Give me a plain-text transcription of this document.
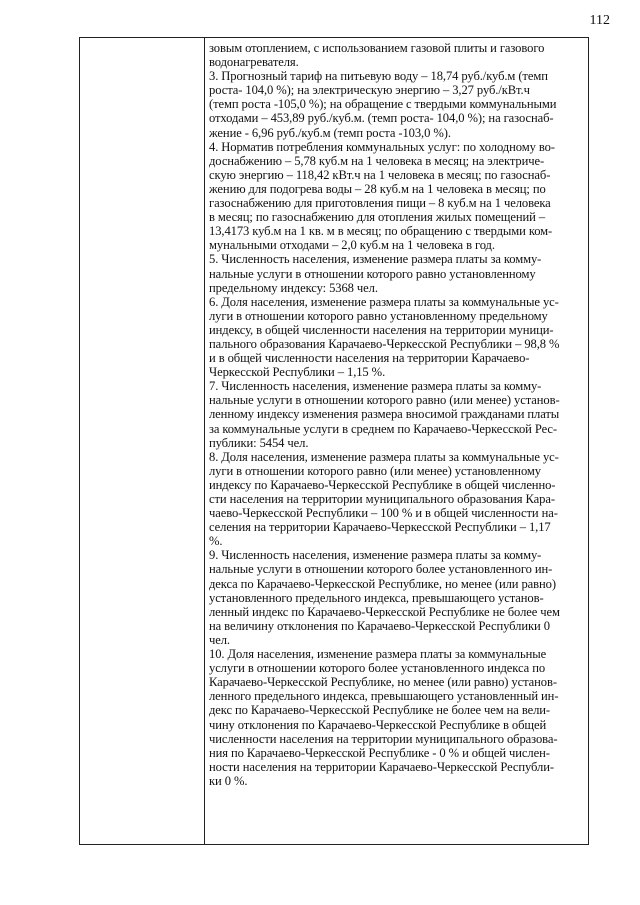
112
зовым отоплением, с использованием газовой плиты и газового
водонагревателя.
3. Прогнозный тариф на питьевую воду – 18,74 руб./куб.м (темп
роста- 104,0 %); на электрическую энергию – 3,27 руб./кВт.ч
(темп роста -105,0 %); на обращение с твердыми коммунальными
отходами – 453,89 руб./куб.м. (темп роста- 104,0 %); на газоснаб-
жение - 6,96 руб./куб.м (темп роста -103,0 %).
4. Норматив потребления коммунальных услуг: по холодному во-
доснабжению – 5,78 куб.м на 1 человека в месяц; на электриче-
скую энергию – 118,42 кВт.ч на 1 человека в месяц; по газоснаб-
жению для подогрева воды – 28 куб.м на 1 человека в месяц; по
газоснабжению для приготовления пищи – 8 куб.м на 1 человека
в месяц; по газоснабжению для отопления жилых помещений –
13,4173 куб.м на 1 кв. м в месяц; по обращению с твердыми ком-
мунальными отходами – 2,0 куб.м на 1 человека в год.
5. Численность населения, изменение размера платы за комму-
нальные услуги в отношении которого равно установленному
предельному индексу: 5368 чел.
6. Доля населения, изменение размера платы за коммунальные ус-
луги в отношении которого равно установленному предельному
индексу, в общей численности населения на территории муници-
пального образования Карачаево-Черкесской Республики – 98,8 %
и в общей численности населения на территории Карачаево-
Черкесской Республики – 1,15 %.
7. Численность населения, изменение размера платы за комму-
нальные услуги в отношении которого равно (или менее) установ-
ленному индексу изменения размера вносимой гражданами платы
за коммунальные услуги в среднем по Карачаево-Черкесской Рес-
публики: 5454 чел.
8. Доля населения, изменение размера платы за коммунальные ус-
луги в отношении которого равно (или менее) установленному
индексу по Карачаево-Черкесской Республике в общей численно-
сти населения на территории муниципального образования Кара-
чаево-Черкесской Республики – 100 % и в общей численности на-
селения на территории Карачаево-Черкесской Республики – 1,17
%.
9. Численность населения, изменение размера платы за комму-
нальные услуги в отношении которого более установленного ин-
декса по Карачаево-Черкесской Республике, но менее (или равно)
установленного предельного индекса, превышающего установ-
ленный индекс по Карачаево-Черкесской Республике не более чем
на величину отклонения по Карачаево-Черкесской Республики 0
чел.
10. Доля населения, изменение размера платы за коммунальные
услуги в отношении которого более установленного индекса по
Карачаево-Черкесской Республике, но менее (или равно) установ-
ленного предельного индекса, превышающего установленный ин-
декс по Карачаево-Черкесской Республике не более чем на вели-
чину отклонения по Карачаево-Черкесской Республике в общей
численности населения на территории муниципального образова-
ния по Карачаево-Черкесской Республике - 0 % и общей числен-
ности населения на территории Карачаево-Черкесской Республи-
ки 0 %.
